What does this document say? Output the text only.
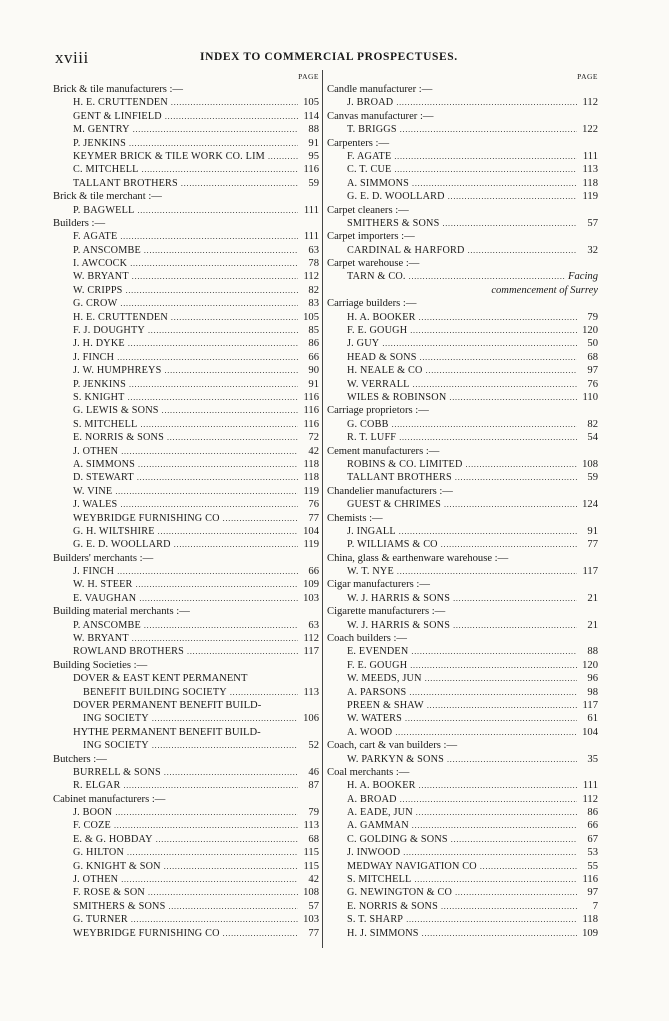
xviii	INDEX TO COMMERCIAL PROSPECTUSES.
PAGE
Brick & tile manufacturers :—
H. E. CRUTTENDEN . . .	105
GENT & LINFIELD . . .	114
M. GENTRY . . .	88
P. JENKINS . . .	91
KEYMER BRICK & TILE WORK CO. LIM . . .	95
C. MITCHELL . . .	116
TALLANT BROTHERS . . .	59
Brick & tile merchant :—
P. BAGWELL . . .	111
Builders :—
F. AGATE . . .	111
P. ANSCOMBE . . .	63
I. AWCOCK . . .	78
W. BRYANT . . .	112
W. CRIPPS . . .	82
G. CROW . . .	83
H. E. CRUTTENDEN . . .	105
F. J. DOUGHTY . . .	85
J. H. DYKE . . .	86
J. FINCH . . .	66
J. W. HUMPHREYS . . .	90
P. JENKINS . . .	91
S. KNIGHT . . .	116
G. LEWIS & SONS . . .	116
S. MITCHELL . . .	116
E. NORRIS & SONS . . .	72
J. OTHEN . . .	42
A. SIMMONS . . .	118
D. STEWART . . .	118
W. VINE . . .	119
J. WALES . . .	76
WEYBRIDGE FURNISHING CO . . .	77
G. H. WILTSHIRE . . .	104
G. E. D. WOOLLARD . . .	119
Builders' merchants :—
J. FINCH . . .	66
W. H. STEER . . .	109
E. VAUGHAN . . .	103
Building material merchants :—
P. ANSCOMBE . . .	63
W. BRYANT . . .	112
ROWLAND BROTHERS . . .	117
Building Societies :—
DOVER & EAST KENT PERMANENT
BENEFIT BUILDING SOCIETY . . .	113
DOVER PERMANENT BENEFIT BUILD-
ING SOCIETY . . .	106
HYTHE PERMANENT BENEFIT BUILD-
ING SOCIETY . . .	52
Butchers :—
BURRELL & SONS . . .	46
R. ELGAR . . .	87
Cabinet manufacturers :—
J. BOON . . .	79
F. COZE . . .	113
E. & G. HOBDAY . . .	68
G. HILTON . . .	115
G. KNIGHT & SON . . .	115
J. OTHEN . . .	42
F. ROSE & SON . . .	108
SMITHERS & SONS . . .	57
G. TURNER . . .	103
WEYBRIDGE FURNISHING CO . . .	77
PAGE
Candle manufacturer :—
J. BROAD . . .	112
Canvas manufacturer :—
T. BRIGGS . . .	122
Carpenters :—
F. AGATE . . .	111
C. T. CUE . . .	113
A. SIMMONS . . .	118
G. E. D. WOOLLARD . . .	119
Carpet cleaners :—
SMITHERS & SONS . . .	57
Carpet importers :—
CARDINAL & HARFORD . . .	32
Carpet warehouse :—
TARN & CO. . . .	Facing
commencement of Surrey
Carriage builders :—
H. A. BOOKER . . .	79
F. E. GOUGH . . .	120
J. GUY . . .	50
HEAD & SONS . . .	68
H. NEALE & CO . . .	97
W. VERRALL . . .	76
WILES & ROBINSON . . .	110
Carriage proprietors :—
G. COBB . . .	82
R. T. LUFF . . .	54
Cement manufacturers :—
ROBINS & CO. LIMITED . . .	108
TALLANT BROTHERS . . .	59
Chandelier manufacturers :—
GUEST & CHRIMES . . .	124
Chemists :—
J. INGALL . . .	91
P. WILLIAMS & CO . . .	77
China, glass & earthenware warehouse :—
W. T. NYE . . .	117
Cigar manufacturers :—
W. J. HARRIS & SONS . . .	21
Cigarette manufacturers :—
W. J. HARRIS & SONS . . .	21
Coach builders :—
E. EVENDEN . . .	88
F. E. GOUGH . . .	120
W. MEEDS, JUN . . .	96
A. PARSONS . . .	98
PREEN & SHAW . . .	117
W. WATERS . . .	61
A. WOOD . . .	104
Coach, cart & van builders :—
W. PARKYN & SONS . . .	35
Coal merchants :—
H. A. BOOKER . . .	111
A. BROAD . . .	112
A. EADE, JUN . . .	86
A. GAMMAN . . .	66
C. GOLDING & SONS . . .	67
J. INWOOD . . .	53
MEDWAY NAVIGATION CO . . .	55
S. MITCHELL . . .	116
G. NEWINGTON & CO . . .	97
E. NORRIS & SONS . . .	7
S. T. SHARP . . .	118
H. J. SIMMONS . . .	109
